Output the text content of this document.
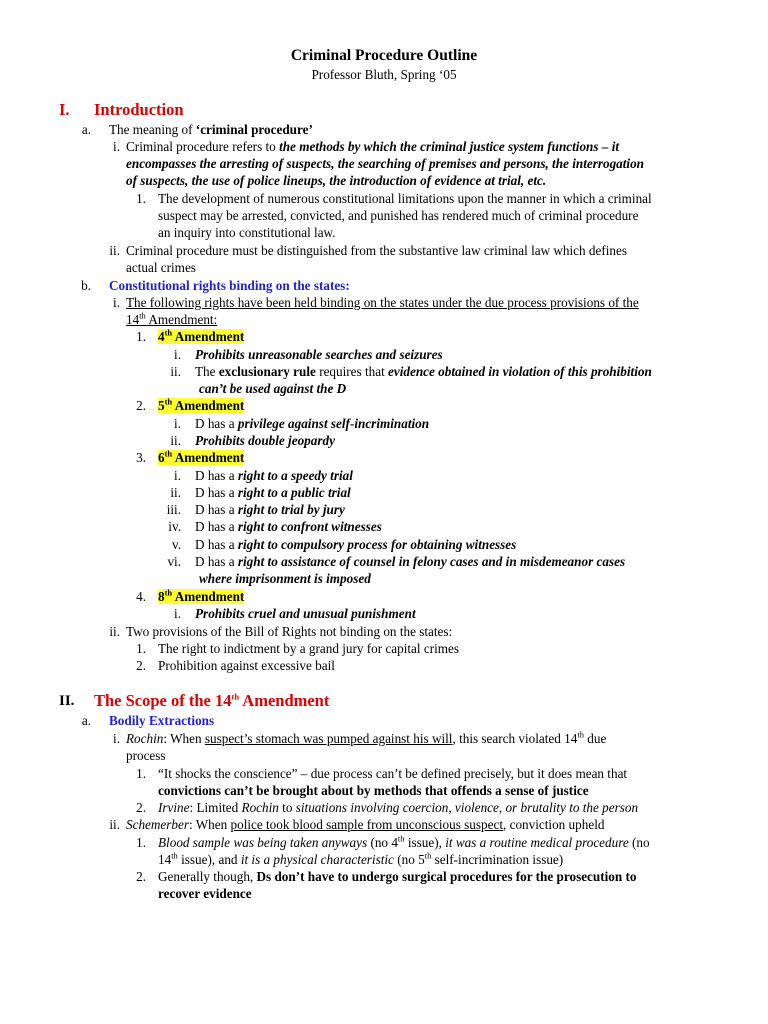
Criminal Procedure Outline
Professor Bluth, Spring ‘05
I. Introduction
a. The meaning of ‘criminal procedure’
i. Criminal procedure refers to the methods by which the criminal justice system functions – it
encompasses the arresting of suspects, the searching of premises and persons, the interrogation
of suspects, the use of police lineups, the introduction of evidence at trial, etc.
1. The development of numerous constitutional limitations upon the manner in which a criminal
suspect may be arrested, convicted, and punished has rendered much of criminal procedure
an inquiry into constitutional law.
ii. Criminal procedure must be distinguished from the substantive law criminal law which defines
actual crimes
b. Constitutional rights binding on the states:
i. The following rights have been held binding on the states under the due process provisions of the
14th Amendment:
1. 4th Amendment
i. Prohibits unreasonable searches and seizures
ii. The exclusionary rule requires that evidence obtained in violation of this prohibition
can’t be used against the D
2. 5th Amendment
i. D has a privilege against self-incrimination
ii. Prohibits double jeopardy
3. 6th Amendment
i. D has a right to a speedy trial
ii. D has a right to a public trial
iii. D has a right to trial by jury
iv. D has a right to confront witnesses
v. D has a right to compulsory process for obtaining witnesses
vi. D has a right to assistance of counsel in felony cases and in misdemeanor cases
where imprisonment is imposed
4. 8th Amendment
i. Prohibits cruel and unusual punishment
ii. Two provisions of the Bill of Rights not binding on the states:
1. The right to indictment by a grand jury for capital crimes
2. Prohibition against excessive bail
II. The Scope of the 14th Amendment
a. Bodily Extractions
i. Rochin: When suspect’s stomach was pumped against his will, this search violated 14th due
process
1. “It shocks the conscience” – due process can’t be defined precisely, but it does mean that
convictions can’t be brought about by methods that offends a sense of justice
2. Irvine: Limited Rochin to situations involving coercion, violence, or brutality to the person
ii. Schemerber: When police took blood sample from unconscious suspect, conviction upheld
1. Blood sample was being taken anyways (no 4th issue), it was a routine medical procedure (no
14th issue), and it is a physical characteristic (no 5th self-incrimination issue)
2. Generally though, Ds don’t have to undergo surgical procedures for the prosecution to
recover evidence
